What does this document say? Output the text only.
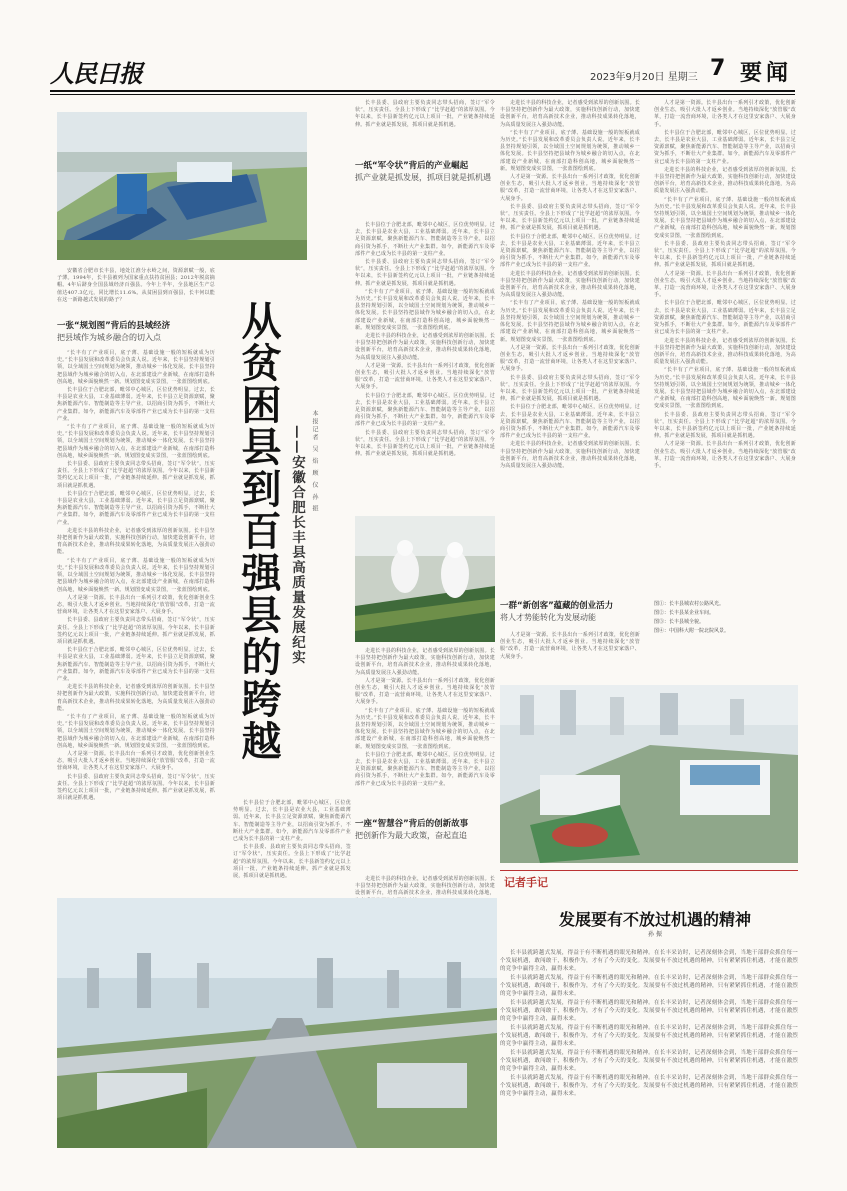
人民日报	2023年9月20日 星期三 7 要闻

安徽省合肥市长丰县，地处江淮分水岭之间，资源禀赋一般，底子薄。1994年，长丰县被列为国家重点扶持贫困县；2012年脱贫摘帽。4年后跻身全国县域经济百强县。今年上半年，全县地区生产总值达407.3亿元，同比增长11.6%。从贫困县到百强县，长丰何以能在这一新路越式发展的路子？

一张“规划图”背后的县域经济
把县域作为城乡融合的切入点

“长丰有了产业项目，底子薄、基础设施一般的短板就成为历史。”长丰县发展和改革委员会负责人说。近年来，长丰县坚持规划引领，以全域国土空间规划为统领，推动城乡一体化发展。长丰县坚持把县域作为城乡融合的切入点，在北部建设产业新城，在南部打造科创高地，城乡面貌焕然一新。规划图变成实景图，一张蓝图绘到底。

长丰县位于合肥北部，毗邻中心城区，区位优势明显。过去，长丰县是农业大县，工业基础薄弱。近年来，长丰县立足资源禀赋，聚焦新能源汽车、智能制造等主导产业，以招商引资为抓手，不断壮大产业集群。如今，新能源汽车及零部件产业已成为长丰县的第一支柱产业。

“长丰有了产业项目，底子薄、基础设施一般的短板就成为历史。”长丰县发展和改革委员会负责人说。近年来，长丰县坚持规划引领，以全域国土空间规划为统领，推动城乡一体化发展。长丰县坚持把县域作为城乡融合的切入点，在北部建设产业新城，在南部打造科创高地，城乡面貌焕然一新。规划图变成实景图，一张蓝图绘到底。

长丰县委、县政府主要负责同志带头招商，签订“军令状”，压实责任。全县上下形成了“比学赶超”的浓厚氛围。今年以来，长丰县新签约亿元以上项目一批，产业链条持续延伸。抓产业就是抓发展，抓项目就是抓机遇。

长丰县位于合肥北部，毗邻中心城区，区位优势明显。过去，长丰县是农业大县，工业基础薄弱。近年来，长丰县立足资源禀赋，聚焦新能源汽车、智能制造等主导产业，以招商引资为抓手，不断壮大产业集群。如今，新能源汽车及零部件产业已成为长丰县的第一支柱产业。

走进长丰县的科技企业，记者感受到浓厚的创新氛围。长丰县坚持把创新作为最大政策，实施科技创新行动，加快建设创新平台，培育高新技术企业，推动科技成果转化落地，为高质量发展注入强劲动能。

“长丰有了产业项目，底子薄、基础设施一般的短板就成为历史。”长丰县发展和改革委员会负责人说。近年来，长丰县坚持规划引领，以全域国土空间规划为统领，推动城乡一体化发展。长丰县坚持把县域作为城乡融合的切入点，在北部建设产业新城，在南部打造科创高地，城乡面貌焕然一新。规划图变成实景图，一张蓝图绘到底。

人才是第一资源。长丰县出台一系列引才政策，优化创新创业生态，吸引大批人才返乡创业。当地持续深化“放管服”改革，打造一流营商环境，让各类人才在这里安家落户、大展身手。

长丰县委、县政府主要负责同志带头招商，签订“军令状”，压实责任。全县上下形成了“比学赶超”的浓厚氛围。今年以来，长丰县新签约亿元以上项目一批，产业链条持续延伸。抓产业就是抓发展，抓项目就是抓机遇。

长丰县位于合肥北部，毗邻中心城区，区位优势明显。过去，长丰县是农业大县，工业基础薄弱。近年来，长丰县立足资源禀赋，聚焦新能源汽车、智能制造等主导产业，以招商引资为抓手，不断壮大产业集群。如今，新能源汽车及零部件产业已成为长丰县的第一支柱产业。

走进长丰县的科技企业，记者感受到浓厚的创新氛围。长丰县坚持把创新作为最大政策，实施科技创新行动，加快建设创新平台，培育高新技术企业，推动科技成果转化落地，为高质量发展注入强劲动能。

“长丰有了产业项目，底子薄、基础设施一般的短板就成为历史。”长丰县发展和改革委员会负责人说。近年来，长丰县坚持规划引领，以全域国土空间规划为统领，推动城乡一体化发展。长丰县坚持把县域作为城乡融合的切入点，在北部建设产业新城，在南部打造科创高地，城乡面貌焕然一新。规划图变成实景图，一张蓝图绘到底。

人才是第一资源。长丰县出台一系列引才政策，优化创新创业生态，吸引大批人才返乡创业。当地持续深化“放管服”改革，打造一流营商环境，让各类人才在这里安家落户、大展身手。

长丰县委、县政府主要负责同志带头招商，签订“军令状”，压实责任。全县上下形成了“比学赶超”的浓厚氛围。今年以来，长丰县新签约亿元以上项目一批，产业链条持续延伸。抓产业就是抓发展，抓项目就是抓机遇。

从贫困县到百强县的跨越 ——安徽合肥长丰县高质量发展纪实	本报记者 吴 焰 顾 仪 孙 振

长丰县位于合肥北部，毗邻中心城区，区位优势明显。过去，长丰县是农业大县，工业基础薄弱。近年来，长丰县立足资源禀赋，聚焦新能源汽车、智能制造等主导产业，以招商引资为抓手，不断壮大产业集群。如今，新能源汽车及零部件产业已成为长丰县的第一支柱产业。

长丰县委、县政府主要负责同志带头招商，签订“军令状”，压实责任。全县上下形成了“比学赶超”的浓厚氛围。今年以来，长丰县新签约亿元以上项目一批，产业链条持续延伸。抓产业就是抓发展，抓项目就是抓机遇。

长丰县委、县政府主要负责同志带头招商，签订“军令状”，压实责任。全县上下形成了“比学赶超”的浓厚氛围。今年以来，长丰县新签约亿元以上项目一批，产业链条持续延伸。抓产业就是抓发展，抓项目就是抓机遇。

一纸“军令状”背后的产业崛起
抓产业就是抓发展，抓项目就是抓机遇

长丰县位于合肥北部，毗邻中心城区，区位优势明显。过去，长丰县是农业大县，工业基础薄弱。近年来，长丰县立足资源禀赋，聚焦新能源汽车、智能制造等主导产业，以招商引资为抓手，不断壮大产业集群。如今，新能源汽车及零部件产业已成为长丰县的第一支柱产业。

长丰县委、县政府主要负责同志带头招商，签订“军令状”，压实责任。全县上下形成了“比学赶超”的浓厚氛围。今年以来，长丰县新签约亿元以上项目一批，产业链条持续延伸。抓产业就是抓发展，抓项目就是抓机遇。

“长丰有了产业项目，底子薄、基础设施一般的短板就成为历史。”长丰县发展和改革委员会负责人说。近年来，长丰县坚持规划引领，以全域国土空间规划为统领，推动城乡一体化发展。长丰县坚持把县域作为城乡融合的切入点，在北部建设产业新城，在南部打造科创高地，城乡面貌焕然一新。规划图变成实景图，一张蓝图绘到底。

走进长丰县的科技企业，记者感受到浓厚的创新氛围。长丰县坚持把创新作为最大政策，实施科技创新行动，加快建设创新平台，培育高新技术企业，推动科技成果转化落地，为高质量发展注入强劲动能。

人才是第一资源。长丰县出台一系列引才政策，优化创新创业生态，吸引大批人才返乡创业。当地持续深化“放管服”改革，打造一流营商环境，让各类人才在这里安家落户、大展身手。

长丰县位于合肥北部，毗邻中心城区，区位优势明显。过去，长丰县是农业大县，工业基础薄弱。近年来，长丰县立足资源禀赋，聚焦新能源汽车、智能制造等主导产业，以招商引资为抓手，不断壮大产业集群。如今，新能源汽车及零部件产业已成为长丰县的第一支柱产业。

长丰县委、县政府主要负责同志带头招商，签订“军令状”，压实责任。全县上下形成了“比学赶超”的浓厚氛围。今年以来，长丰县新签约亿元以上项目一批，产业链条持续延伸。抓产业就是抓发展，抓项目就是抓机遇。

走进长丰县的科技企业，记者感受到浓厚的创新氛围。长丰县坚持把创新作为最大政策，实施科技创新行动，加快建设创新平台，培育高新技术企业，推动科技成果转化落地，为高质量发展注入强劲动能。

人才是第一资源。长丰县出台一系列引才政策，优化创新创业生态，吸引大批人才返乡创业。当地持续深化“放管服”改革，打造一流营商环境，让各类人才在这里安家落户、大展身手。

“长丰有了产业项目，底子薄、基础设施一般的短板就成为历史。”长丰县发展和改革委员会负责人说。近年来，长丰县坚持规划引领，以全域国土空间规划为统领，推动城乡一体化发展。长丰县坚持把县域作为城乡融合的切入点，在北部建设产业新城，在南部打造科创高地，城乡面貌焕然一新。规划图变成实景图，一张蓝图绘到底。

长丰县位于合肥北部，毗邻中心城区，区位优势明显。过去，长丰县是农业大县，工业基础薄弱。近年来，长丰县立足资源禀赋，聚焦新能源汽车、智能制造等主导产业，以招商引资为抓手，不断壮大产业集群。如今，新能源汽车及零部件产业已成为长丰县的第一支柱产业。

一座“智慧谷”背后的创新故事
把创新作为最大政策，奋起直追

走进长丰县的科技企业，记者感受到浓厚的创新氛围。长丰县坚持把创新作为最大政策，实施科技创新行动，加快建设创新平台，培育高新技术企业，推动科技成果转化落地，

走进长丰县的科技企业，记者感受到浓厚的创新氛围。长丰县坚持把创新作为最大政策，实施科技创新行动，加快建设创新平台，培育高新技术企业，推动科技成果转化落地，为高质量发展注入强劲动能。

“长丰有了产业项目，底子薄、基础设施一般的短板就成为历史。”长丰县发展和改革委员会负责人说。近年来，长丰县坚持规划引领，以全域国土空间规划为统领，推动城乡一体化发展。长丰县坚持把县域作为城乡融合的切入点，在北部建设产业新城，在南部打造科创高地，城乡面貌焕然一新。规划图变成实景图，一张蓝图绘到底。

人才是第一资源。长丰县出台一系列引才政策，优化创新创业生态，吸引大批人才返乡创业。当地持续深化“放管服”改革，打造一流营商环境，让各类人才在这里安家落户、大展身手。

长丰县委、县政府主要负责同志带头招商，签订“军令状”，压实责任。全县上下形成了“比学赶超”的浓厚氛围。今年以来，长丰县新签约亿元以上项目一批，产业链条持续延伸。抓产业就是抓发展，抓项目就是抓机遇。

长丰县位于合肥北部，毗邻中心城区，区位优势明显。过去，长丰县是农业大县，工业基础薄弱。近年来，长丰县立足资源禀赋，聚焦新能源汽车、智能制造等主导产业，以招商引资为抓手，不断壮大产业集群。如今，新能源汽车及零部件产业已成为长丰县的第一支柱产业。

走进长丰县的科技企业，记者感受到浓厚的创新氛围。长丰县坚持把创新作为最大政策，实施科技创新行动，加快建设创新平台，培育高新技术企业，推动科技成果转化落地，为高质量发展注入强劲动能。

“长丰有了产业项目，底子薄、基础设施一般的短板就成为历史。”长丰县发展和改革委员会负责人说。近年来，长丰县坚持规划引领，以全域国土空间规划为统领，推动城乡一体化发展。长丰县坚持把县域作为城乡融合的切入点，在北部建设产业新城，在南部打造科创高地，城乡面貌焕然一新。规划图变成实景图，一张蓝图绘到底。

人才是第一资源。长丰县出台一系列引才政策，优化创新创业生态，吸引大批人才返乡创业。当地持续深化“放管服”改革，打造一流营商环境，让各类人才在这里安家落户、大展身手。

长丰县委、县政府主要负责同志带头招商，签订“军令状”，压实责任。全县上下形成了“比学赶超”的浓厚氛围。今年以来，长丰县新签约亿元以上项目一批，产业链条持续延伸。抓产业就是抓发展，抓项目就是抓机遇。

长丰县位于合肥北部，毗邻中心城区，区位优势明显。过去，长丰县是农业大县，工业基础薄弱。近年来，长丰县立足资源禀赋，聚焦新能源汽车、智能制造等主导产业，以招商引资为抓手，不断壮大产业集群。如今，新能源汽车及零部件产业已成为长丰县的第一支柱产业。

走进长丰县的科技企业，记者感受到浓厚的创新氛围。长丰县坚持把创新作为最大政策，实施科技创新行动，加快建设创新平台，培育高新技术企业，推动科技成果转化落地，为高质量发展注入强劲动能。

一群“新创客”蕴藏的创业活力
将人才势能转化为发展动能

人才是第一资源。长丰县出台一系列引才政策，优化创新创业生态，吸引大批人才返乡创业。当地持续深化“放管服”改革，打造一流营商环境，让各类人才在这里安家落户、大展身手。

人才是第一资源。长丰县出台一系列引才政策，优化创新创业生态，吸引大批人才返乡创业。当地持续深化“放管服”改革，打造一流营商环境，让各类人才在这里安家落户、大展身手。

长丰县位于合肥北部，毗邻中心城区，区位优势明显。过去，长丰县是农业大县，工业基础薄弱。近年来，长丰县立足资源禀赋，聚焦新能源汽车、智能制造等主导产业，以招商引资为抓手，不断壮大产业集群。如今，新能源汽车及零部件产业已成为长丰县的第一支柱产业。

走进长丰县的科技企业，记者感受到浓厚的创新氛围。长丰县坚持把创新作为最大政策，实施科技创新行动，加快建设创新平台，培育高新技术企业，推动科技成果转化落地，为高质量发展注入强劲动能。

“长丰有了产业项目，底子薄、基础设施一般的短板就成为历史。”长丰县发展和改革委员会负责人说。近年来，长丰县坚持规划引领，以全域国土空间规划为统领，推动城乡一体化发展。长丰县坚持把县域作为城乡融合的切入点，在北部建设产业新城，在南部打造科创高地，城乡面貌焕然一新。规划图变成实景图，一张蓝图绘到底。

长丰县委、县政府主要负责同志带头招商，签订“军令状”，压实责任。全县上下形成了“比学赶超”的浓厚氛围。今年以来，长丰县新签约亿元以上项目一批，产业链条持续延伸。抓产业就是抓发展，抓项目就是抓机遇。

人才是第一资源。长丰县出台一系列引才政策，优化创新创业生态，吸引大批人才返乡创业。当地持续深化“放管服”改革，打造一流营商环境，让各类人才在这里安家落户、大展身手。

长丰县位于合肥北部，毗邻中心城区，区位优势明显。过去，长丰县是农业大县，工业基础薄弱。近年来，长丰县立足资源禀赋，聚焦新能源汽车、智能制造等主导产业，以招商引资为抓手，不断壮大产业集群。如今，新能源汽车及零部件产业已成为长丰县的第一支柱产业。

走进长丰县的科技企业，记者感受到浓厚的创新氛围。长丰县坚持把创新作为最大政策，实施科技创新行动，加快建设创新平台，培育高新技术企业，推动科技成果转化落地，为高质量发展注入强劲动能。

“长丰有了产业项目，底子薄、基础设施一般的短板就成为历史。”长丰县发展和改革委员会负责人说。近年来，长丰县坚持规划引领，以全域国土空间规划为统领，推动城乡一体化发展。长丰县坚持把县域作为城乡融合的切入点，在北部建设产业新城，在南部打造科创高地，城乡面貌焕然一新。规划图变成实景图，一张蓝图绘到底。

长丰县委、县政府主要负责同志带头招商，签订“军令状”，压实责任。全县上下形成了“比学赶超”的浓厚氛围。今年以来，长丰县新签约亿元以上项目一批，产业链条持续延伸。抓产业就是抓发展，抓项目就是抓机遇。

人才是第一资源。长丰县出台一系列引才政策，优化创新创业生态，吸引大批人才返乡创业。当地持续深化“放管服”改革，打造一流营商环境，让各类人才在这里安家落户、大展身手。

图①：长丰县城农村公路风光。
图②：长丰县某企业车间。
图③：长丰县城全貌。
图④：中国科大附一院北院风景。
记者手记
发展要有不放过机遇的精神
孙 振

长丰县就跨越式发展，得益于有不断机遇的眼光和精神。在长丰采访时，记者深刻体会到，当地干部群众抓住每一个发展机遇，敢闯敢干，积极作为，才有了今天的变化。发展要有不放过机遇的精神，只有紧紧抓住机遇，才能在激烈的竞争中赢得主动，赢得未来。

长丰县就跨越式发展，得益于有不断机遇的眼光和精神。在长丰采访时，记者深刻体会到，当地干部群众抓住每一个发展机遇，敢闯敢干，积极作为，才有了今天的变化。发展要有不放过机遇的精神，只有紧紧抓住机遇，才能在激烈的竞争中赢得主动，赢得未来。

长丰县就跨越式发展，得益于有不断机遇的眼光和精神。在长丰采访时，记者深刻体会到，当地干部群众抓住每一个发展机遇，敢闯敢干，积极作为，才有了今天的变化。发展要有不放过机遇的精神，只有紧紧抓住机遇，才能在激烈的竞争中赢得主动，赢得未来。

长丰县就跨越式发展，得益于有不断机遇的眼光和精神。在长丰采访时，记者深刻体会到，当地干部群众抓住每一个发展机遇，敢闯敢干，积极作为，才有了今天的变化。发展要有不放过机遇的精神，只有紧紧抓住机遇，才能在激烈的竞争中赢得主动，赢得未来。

长丰县就跨越式发展，得益于有不断机遇的眼光和精神。在长丰采访时，记者深刻体会到，当地干部群众抓住每一个发展机遇，敢闯敢干，积极作为，才有了今天的变化。发展要有不放过机遇的精神，只有紧紧抓住机遇，才能在激烈的竞争中赢得主动，赢得未来。

长丰县就跨越式发展，得益于有不断机遇的眼光和精神。在长丰采访时，记者深刻体会到，当地干部群众抓住每一个发展机遇，敢闯敢干，积极作为，才有了今天的变化。发展要有不放过机遇的精神，只有紧紧抓住机遇，才能在激烈的竞争中赢得主动，赢得未来。
